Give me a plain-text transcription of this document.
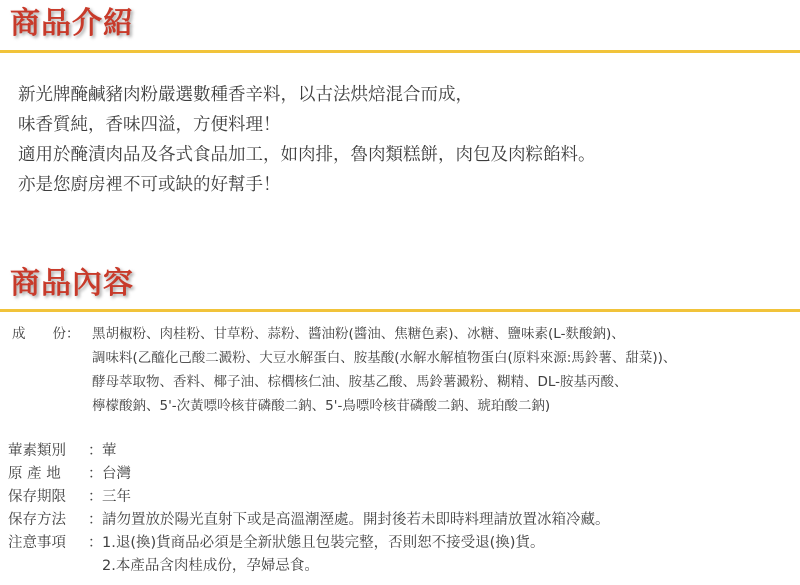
商品介紹
新光牌醃鹹豬肉粉嚴選數種香辛料，以古法烘焙混合而成，
味香質純，香味四溢，方便料理！
適用於醃漬肉品及各式食品加工，如肉排，魯肉類糕餅，肉包及肉粽餡料。
亦是您廚房裡不可或缺的好幫手！
商品內容
成　　份： 黑胡椒粉、肉桂粉、甘草粉、蒜粉、醬油粉(醬油、焦糖色素)、冰糖、鹽味素(L-麩酸鈉)、
調味料(乙醯化己酸二澱粉、大豆水解蛋白、胺基酸(水解水解植物蛋白(原料來源:馬鈴薯、甜菜))、
酵母萃取物、香料、椰子油、棕櫚核仁油、胺基乙酸、馬鈴薯澱粉、糊精、DL-胺基丙酸、
檸檬酸鈉、5'-次黃嘌呤核苷磷酸二鈉、5'-鳥嘌呤核苷磷酸二鈉、琥珀酸二鈉)
葷素類別	： 葷
原 產 地	： 台灣
保存期限	： 三年
保存方法	： 請勿置放於陽光直射下或是高溫潮溼處。開封後若未即時料理請放置冰箱冷藏。
注意事項	： 1.退(換)貨商品必須是全新狀態且包裝完整，否則恕不接受退(換)貨。
2.本產品含肉桂成份，孕婦忌食。
